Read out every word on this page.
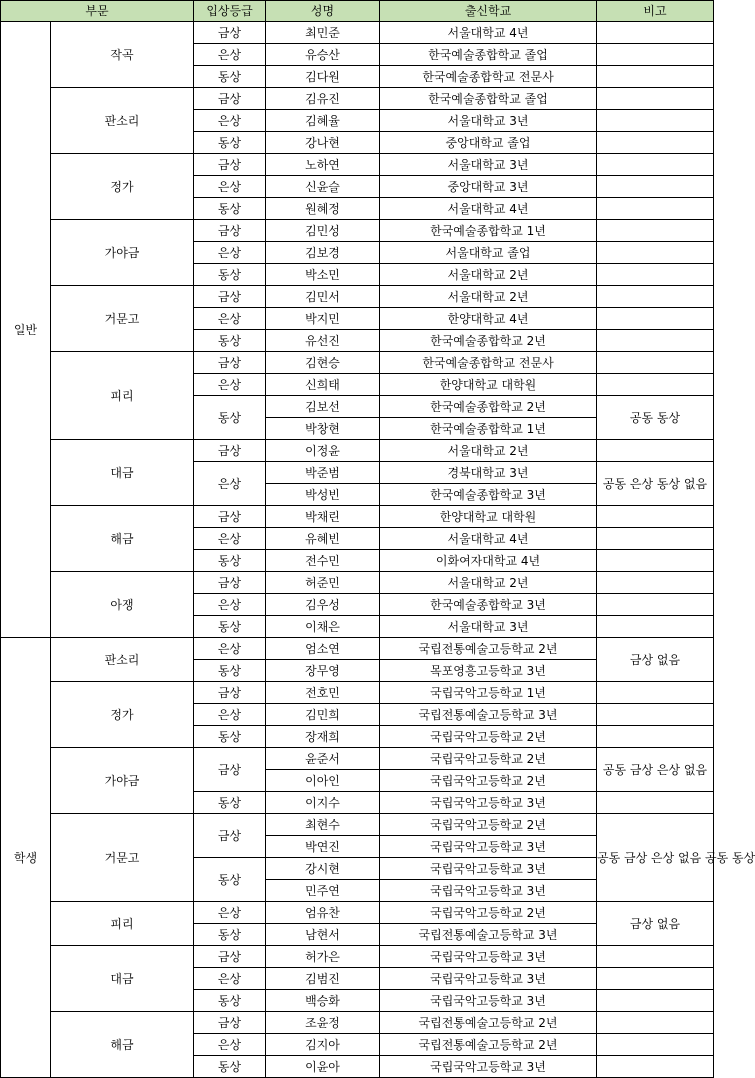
부문		입상등급	성명	출신학교	비고
일반	작곡	금상	최민준	서울대학교 4년	
		은상	유승산	한국예술종합학교 졸업	
		동상	김다원	한국예술종합학교 전문사	
	판소리	금상	김유진	한국예술종합학교 졸업	
		은상	김혜율	서울대학교 3년	
		동상	강나현	중앙대학교 졸업	
	정가	금상	노하연	서울대학교 3년	
		은상	신윤슬	중앙대학교 3년	
		동상	원혜정	서울대학교 4년	
	가야금	금상	김민성	한국예술종합학교 1년	
		은상	김보경	서울대학교 졸업	
		동상	박소민	서울대학교 2년	
	거문고	금상	김민서	서울대학교 2년	
		은상	박지민	한양대학교 4년	
		동상	유선진	한국예술종합학교 2년	
	피리	금상	김현승	한국예술종합학교 전문사	
		은상	신희태	한양대학교 대학원	
		동상	김보선	한국예술종합학교 2년	공동 동상
			박창현	한국예술종합학교 1년	
	대금	금상	이정윤	서울대학교 2년	
		은상	박준범	경북대학교 3년	공동 은상 동상 없음
			박성빈	한국예술종합학교 3년	
	해금	금상	박채린	한양대학교 대학원	
		은상	유혜빈	서울대학교 4년	
		동상	전수민	이화여자대학교 4년	
	아쟁	금상	허준민	서울대학교 2년	
		은상	김우성	한국예술종합학교 3년	
		동상	이채은	서울대학교 3년	
학생	판소리	은상	엄소연	국립전통예술고등학교 2년	금상 없음
		동상	장무영	목포영흥고등학교 3년	
	정가	금상	전호민	국립국악고등학교 1년	
		은상	김민희	국립전통예술고등학교 3년	
		동상	장재희	국립국악고등학교 2년	
	가야금	금상	윤준서	국립국악고등학교 2년	공동 금상 은상 없음
			이아인	국립국악고등학교 2년	
		동상	이지수	국립국악고등학교 3년	
	거문고	금상	최현수	국립국악고등학교 2년	공동 금상 은상 없음 공동 동상
			박연진	국립국악고등학교 3년	
		동상	강시현	국립국악고등학교 3년	
			민주연	국립국악고등학교 3년	
	피리	은상	엄유찬	국립국악고등학교 2년	금상 없음
		동상	남현서	국립전통예술고등학교 3년	
	대금	금상	허가은	국립국악고등학교 3년	
		은상	김범진	국립국악고등학교 3년	
		동상	백승화	국립국악고등학교 3년	
	해금	금상	조윤정	국립전통예술고등학교 2년	
		은상	김지아	국립전통예술고등학교 2년	
		동상	이윤아	국립국악고등학교 3년	
